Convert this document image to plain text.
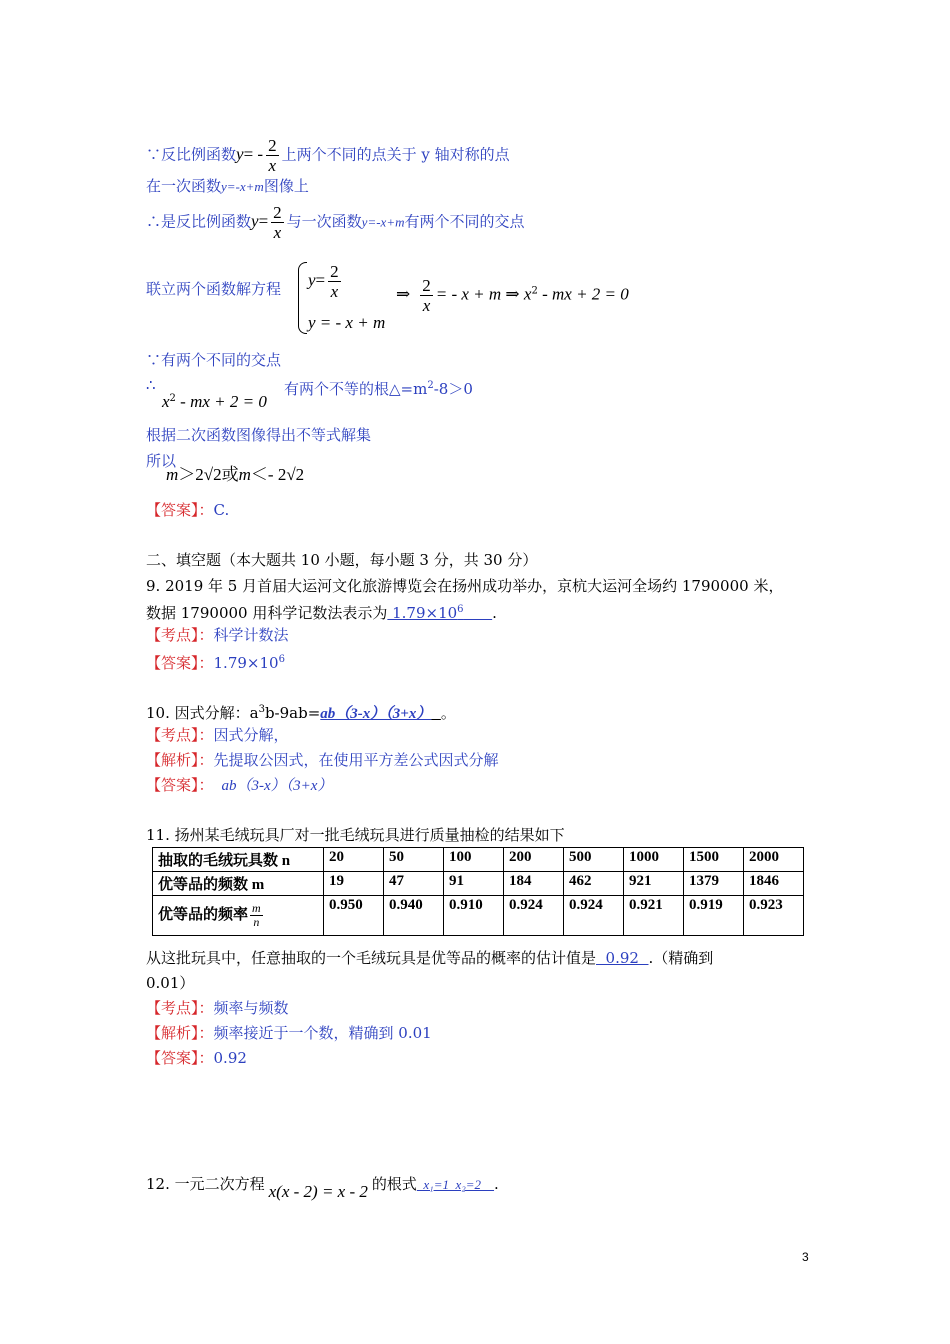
∵反比例函数$y= - \frac{2}{x}$ 上两个不同的点关于 y 轴对称的点
在一次函数y=-x+m图像上
∴是反比例函数$y= \frac{2}{x}$ 与一次函数y=-x+m有两个不同的交点
联立两个函数解方程 $y= \frac{2}{x}$
y = - x + m
⇒ $\frac{2}{x}$ = - x + m ⇒ $x^2$ - mx + 2 = 0
∵有两个不同的交点
∴
$x^2$ - mx + 2 = 0
有两个不等的根$\triangle=m^2-8>0$
根据二次函数图像得出不等式解集
所以
m＞2√2或m＜- 2√2
【答案】：C.
二、填空题（本大题共 10 小题，每小题 3 分，共 30 分）
9. 2019 年 5 月首届大运河文化旅游博览会在扬州成功举办，京杭大运河全场约 1790000 米，
数据 1790000 用科学记数法表示为 $1.79\times 10^6$ .
【考点】：科学计数法
【答案】：$1.79\times 10^6$
10. 因式分解：$a^3b-9ab=ab(3-x)(3+x)$ 。
【考点】：因式分解，
【解析】：先提取公因式，在使用平方差公式因式分解
【答案】： ab（3-x）（3+x）
11. 扬州某毛绒玩具厂对一批毛绒玩具进行质量抽检的结果如下
抽取的毛绒玩具数 n	20	50	100	200	500	1000	1500	2000
优等品的频数 m	19	47	91	184	462	921	1379	1846
优等品的频率 $\frac{m}{n}$	0.950	0.940	0.910	0.924	0.924	0.921	0.919	0.923
从这批玩具中，任意抽取的一个毛绒玩具是优等品的概率的估计值是  0.92  .（精确到
0.01）
【考点】：频率与频数
【解析】：频率接近于一个数，精确到 0.01
【答案】：0.92
12. 一元二次方程 x(x - 2) = x - 2 的根式  x₁=1  x₂=2    .
3
